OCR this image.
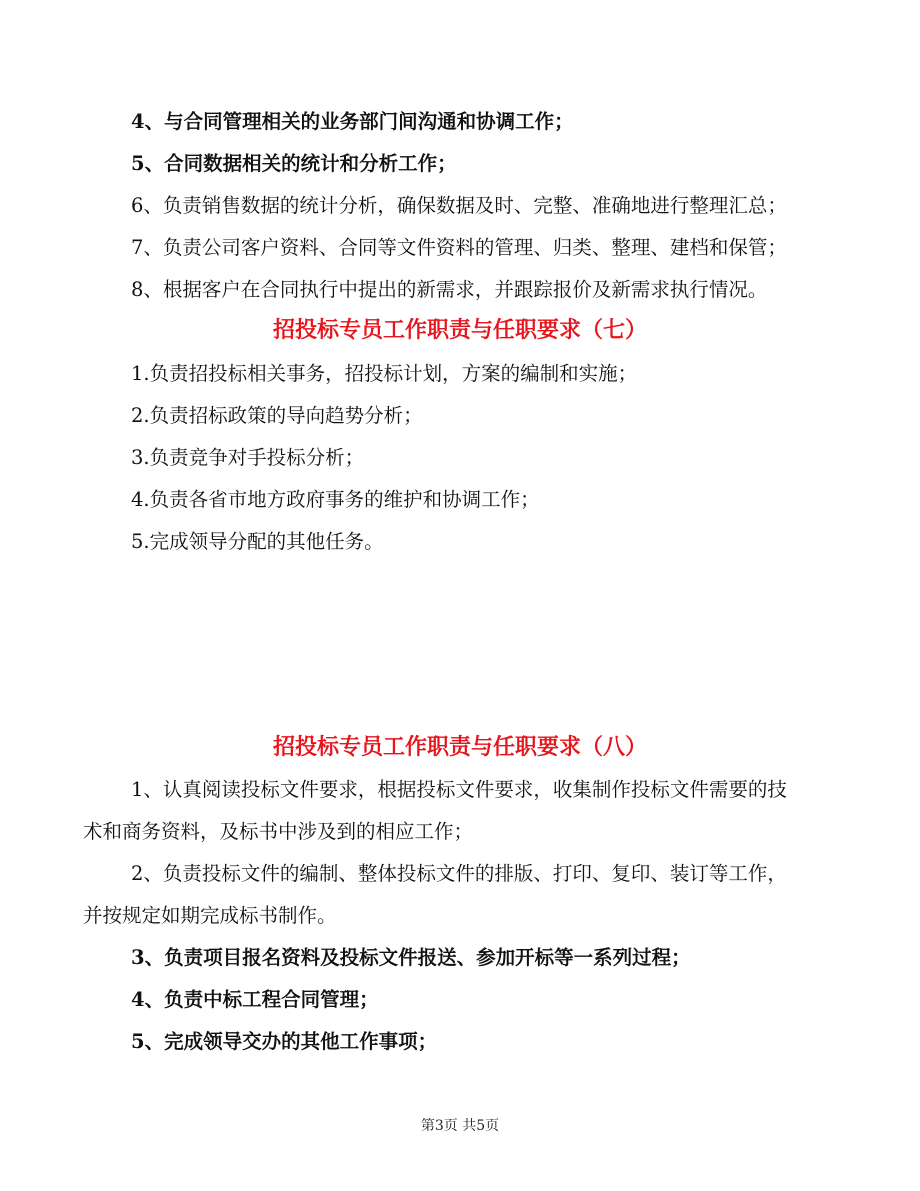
4、与合同管理相关的业务部门间沟通和协调工作；
5、合同数据相关的统计和分析工作；
6、负责销售数据的统计分析，确保数据及时、完整、准确地进行整理汇总；
7、负责公司客户资料、合同等文件资料的管理、归类、整理、建档和保管；
8、根据客户在合同执行中提出的新需求，并跟踪报价及新需求执行情况。
招投标专员工作职责与任职要求（七）
1.负责招投标相关事务，招投标计划，方案的编制和实施；
2.负责招标政策的导向趋势分析；
3.负责竞争对手投标分析；
4.负责各省市地方政府事务的维护和协调工作；
5.完成领导分配的其他任务。
招投标专员工作职责与任职要求（八）
1、认真阅读投标文件要求，根据投标文件要求，收集制作投标文件需要的技
术和商务资料，及标书中涉及到的相应工作；
2、负责投标文件的编制、整体投标文件的排版、打印、复印、装订等工作，
并按规定如期完成标书制作。
3、负责项目报名资料及投标文件报送、参加开标等一系列过程；
4、负责中标工程合同管理；
5、完成领导交办的其他工作事项；
第3页 共5页
